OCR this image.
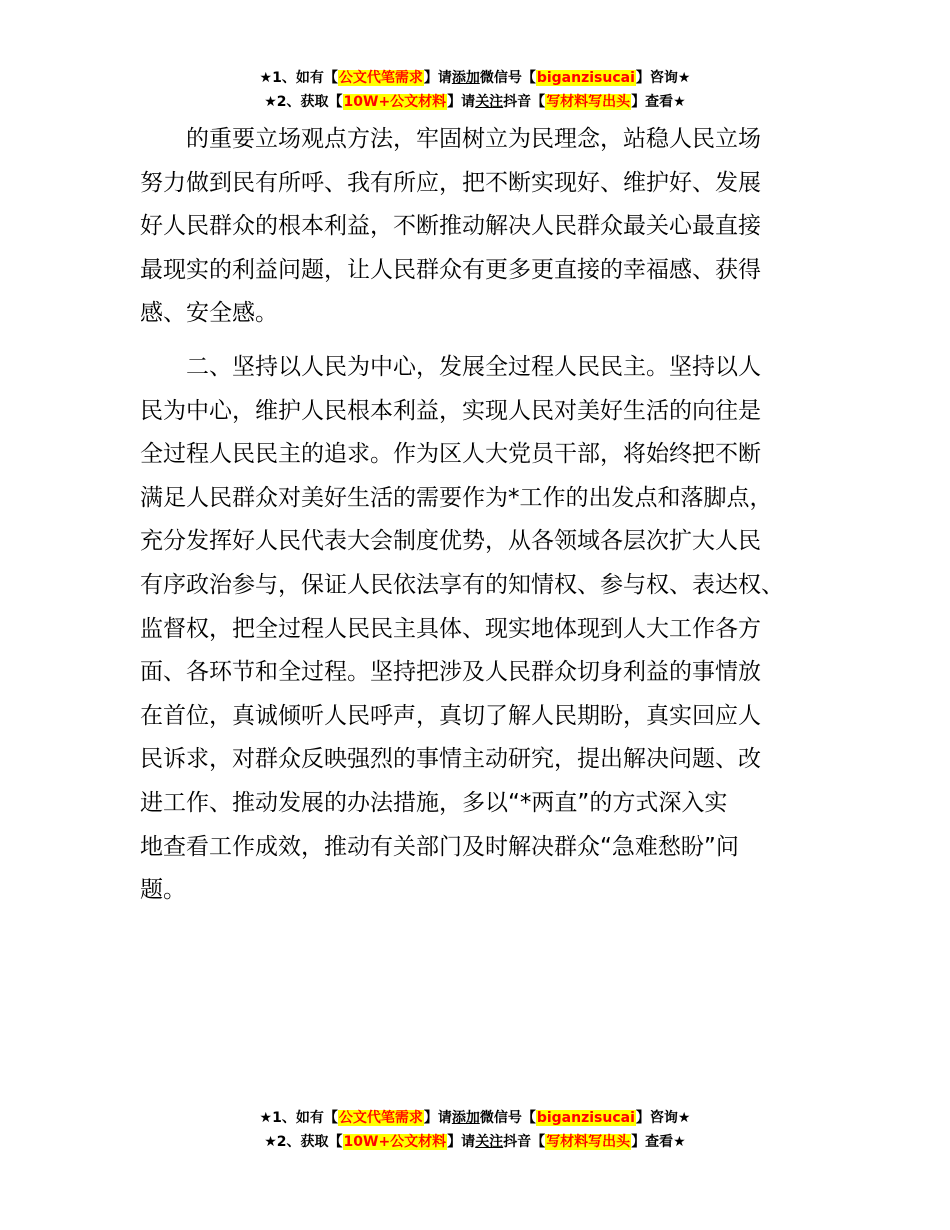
★1、如有【公文代笔需求】请添加微信号【biganzisucai】咨询★
★2、获取【10W+公文材料】请关注抖音【写材料写出头】查看★

的重要立场观点方法，牢固树立为民理念，站稳人民立场

努力做到民有所呼、我有所应，把不断实现好、维护好、发展

好人民群众的根本利益，不断推动解决人民群众最关心最直接

最现实的利益问题，让人民群众有更多更直接的幸福感、获得

感、安全感。

二、坚持以人民为中心，发展全过程人民民主。坚持以人

民为中心，维护人民根本利益，实现人民对美好生活的向往是

全过程人民民主的追求。作为区人大党员干部，将始终把不断

满足人民群众对美好生活的需要作为*工作的出发点和落脚点，

充分发挥好人民代表大会制度优势，从各领域各层次扩大人民

有序政治参与，保证人民依法享有的知情权、参与权、表达权、

监督权，把全过程人民民主具体、现实地体现到人大工作各方

面、各环节和全过程。坚持把涉及人民群众切身利益的事情放

在首位，真诚倾听人民呼声，真切了解人民期盼，真实回应人

民诉求，对群众反映强烈的事情主动研究，提出解决问题、改

进工作、推动发展的办法措施，多以“*两直”的方式深入实

地查看工作成效，推动有关部门及时解决群众“急难愁盼”问

题。

★1、如有【公文代笔需求】请添加微信号【biganzisucai】咨询★
★2、获取【10W+公文材料】请关注抖音【写材料写出头】查看★
